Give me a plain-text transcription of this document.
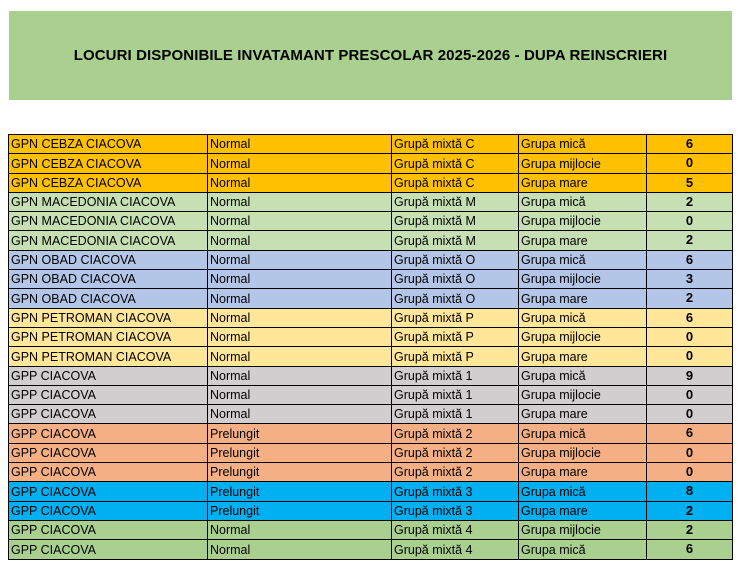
LOCURI DISPONIBILE INVATAMANT PRESCOLAR 2025-2026 - DUPA REINSCRIERI
GPN CEBZA CIACOVA	Normal	Grupă mixtă C	Grupa mică	6
GPN CEBZA CIACOVA	Normal	Grupă mixtă C	Grupa mijlocie	0
GPN CEBZA CIACOVA	Normal	Grupă mixtă C	Grupa mare	5
GPN MACEDONIA CIACOVA	Normal	Grupă mixtă M	Grupa mică	2
GPN MACEDONIA CIACOVA	Normal	Grupă mixtă M	Grupa mijlocie	0
GPN MACEDONIA CIACOVA	Normal	Grupă mixtă M	Grupa mare	2
GPN OBAD CIACOVA	Normal	Grupă mixtă O	Grupa mică	6
GPN OBAD CIACOVA	Normal	Grupă mixtă O	Grupa mijlocie	3
GPN OBAD CIACOVA	Normal	Grupă mixtă O	Grupa mare	2
GPN PETROMAN CIACOVA	Normal	Grupă mixtă P	Grupa mică	6
GPN PETROMAN CIACOVA	Normal	Grupă mixtă P	Grupa mijlocie	0
GPN PETROMAN CIACOVA	Normal	Grupă mixtă P	Grupa mare	0
GPP CIACOVA	Normal	Grupă mixtă 1	Grupa mică	9
GPP CIACOVA	Normal	Grupă mixtă 1	Grupa mijlocie	0
GPP CIACOVA	Normal	Grupă mixtă 1	Grupa mare	0
GPP CIACOVA	Prelungit	Grupă mixtă 2	Grupa mică	6
GPP CIACOVA	Prelungit	Grupă mixtă 2	Grupa mijlocie	0
GPP CIACOVA	Prelungit	Grupă mixtă 2	Grupa mare	0
GPP CIACOVA	Prelungit	Grupă mixtă 3	Grupa mică	8
GPP CIACOVA	Prelungit	Grupă mixtă 3	Grupa mare	2
GPP CIACOVA	Normal	Grupă mixtă 4	Grupa mijlocie	2
GPP CIACOVA	Normal	Grupă mixtă 4	Grupa mică	6
